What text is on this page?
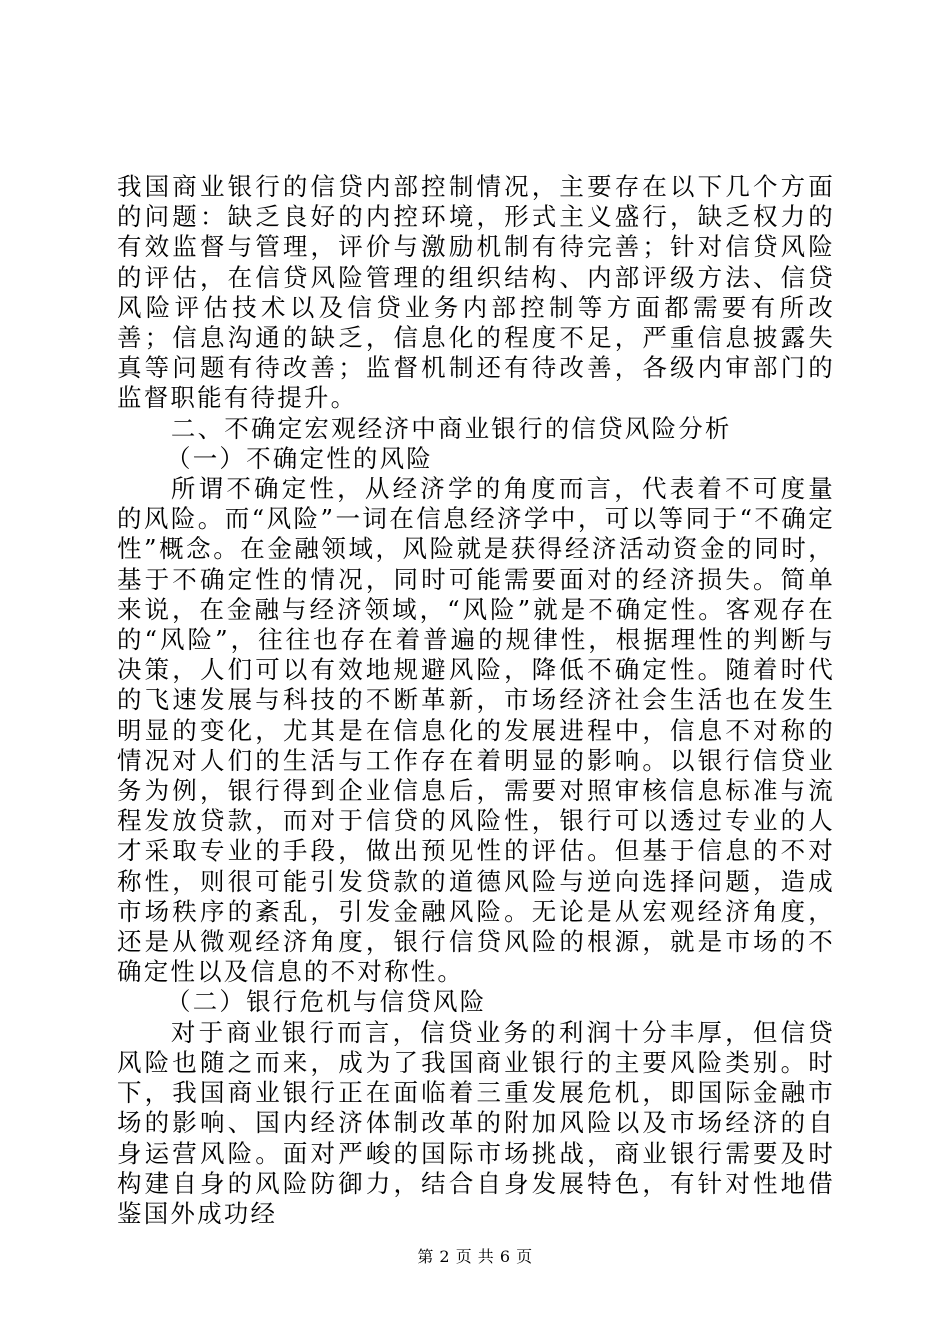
我国商业银行的信贷内部控制情况，主要存在以下几个方面的问题：缺乏良好的内控环境，形式主义盛行，缺乏权力的有效监督与管理，评价与激励机制有待完善；针对信贷风险的评估，在信贷风险管理的组织结构、内部评级方法、信贷风险评估技术以及信贷业务内部控制等方面都需要有所改善；信息沟通的缺乏，信息化的程度不足，严重信息披露失真等问题有待改善；监督机制还有待改善，各级内审部门的监督职能有待提升。

二、不确定宏观经济中商业银行的信贷风险分析

（一）不确定性的风险

所谓不确定性，从经济学的角度而言，代表着不可度量的风险。而“风险”一词在信息经济学中，可以等同于“不确定性”概念。在金融领域，风险就是获得经济活动资金的同时，基于不确定性的情况，同时可能需要面对的经济损失。简单来说，在金融与经济领域，“风险”就是不确定性。客观存在的“风险”，往往也存在着普遍的规律性，根据理性的判断与决策，人们可以有效地规避风险，降低不确定性。随着时代的飞速发展与科技的不断革新，市场经济社会生活也在发生明显的变化，尤其是在信息化的发展进程中，信息不对称的情况对人们的生活与工作存在着明显的影响。以银行信贷业务为例，银行得到企业信息后，需要对照审核信息标准与流程发放贷款，而对于信贷的风险性，银行可以透过专业的人才采取专业的手段，做出预见性的评估。但基于信息的不对称性，则很可能引发贷款的道德风险与逆向选择问题，造成市场秩序的紊乱，引发金融风险。无论是从宏观经济角度，还是从微观经济角度，银行信贷风险的根源，就是市场的不确定性以及信息的不对称性。

（二）银行危机与信贷风险

对于商业银行而言，信贷业务的利润十分丰厚，但信贷风险也随之而来，成为了我国商业银行的主要风险类别。时下，我国商业银行正在面临着三重发展危机，即国际金融市场的影响、国内经济体制改革的附加风险以及市场经济的自身运营风险。面对严峻的国际市场挑战，商业银行需要及时构建自身的风险防御力，结合自身发展特色，有针对性地借鉴国外成功经

第 2 页 共 6 页
